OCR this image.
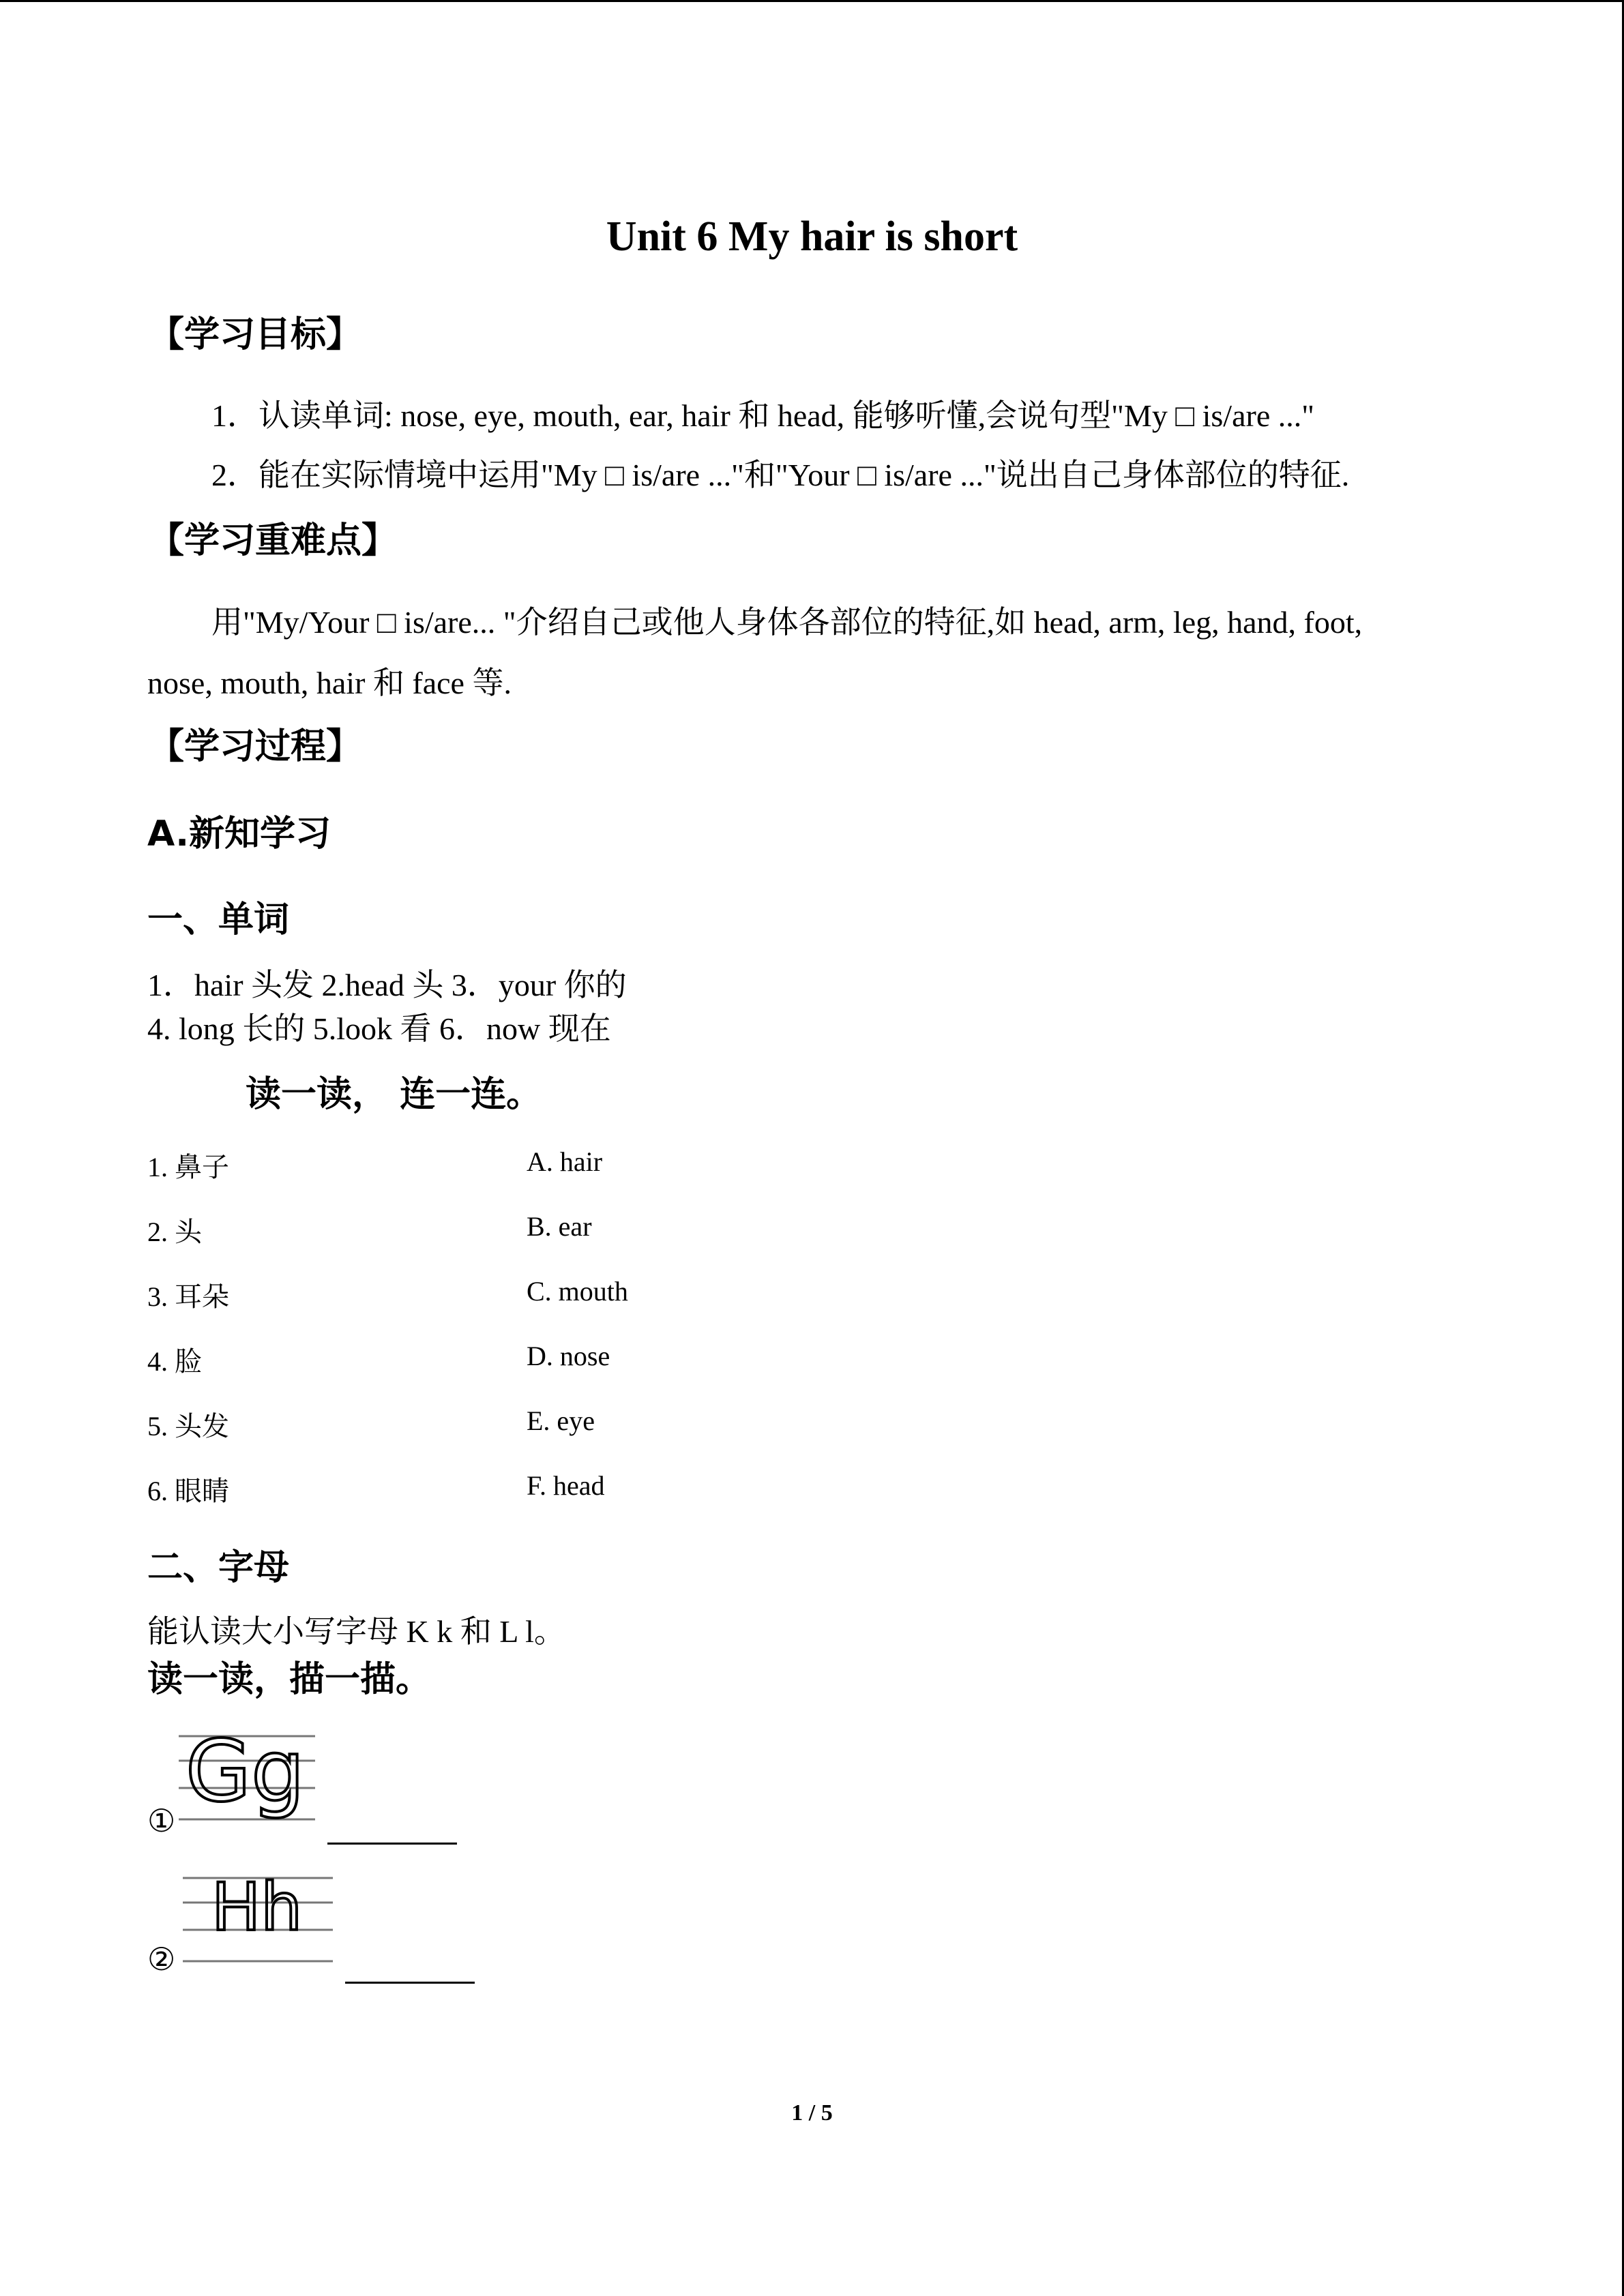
Unit 6 My hair is short
【学习目标】
1．认读单词: nose, eye, mouth, ear, hair 和 head, 能够听懂,会说句型"My □ is/are ..."
2．能在实际情境中运用"My □ is/are ..."和"Your □ is/are ..."说出自己身体部位的特征.
【学习重难点】
用"My/Your □ is/are... "介绍自己或他人身体各部位的特征,如 head, arm, leg, hand, foot,
nose, mouth, hair 和 face 等.
【学习过程】
A.新知学习
一、单词
1．hair 头发 2.head 头 3．your 你的
4. long 长的 5.look 看 6．now 现在
读一读， 连一连。
1. 鼻子	A. hair
2. 头	B. ear
3. 耳朵	C. mouth
4. 脸	D. nose
5. 头发	E. eye
6. 眼睛	F. head
二、字母
能认读大小写字母 K k 和 L l。
读一读，描一描。
①
Gg
②
Hh
1 / 5
